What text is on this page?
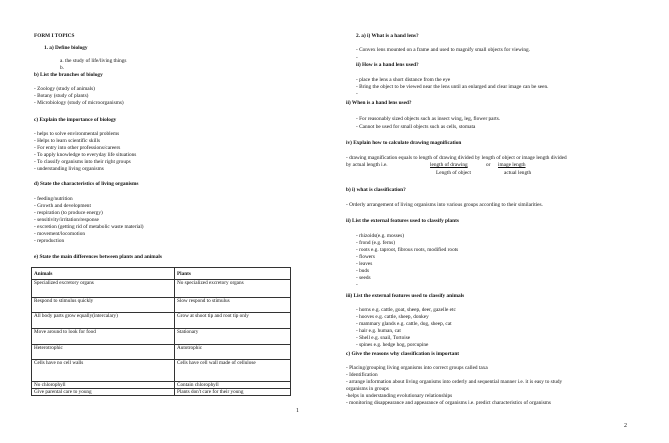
FORM I TOPICS
1. a) Define biology
a. the study of life/living things
b.
b) List the branches of biology
- Zoology (study of animals)
- Botany (study of plants)
- Microbiology (study of microorganisms)
c) Explain the importance of biology
- helps to solve environmental problems
- Helps to learn scientific skills
- For entry into other professions/careers
- To apply knowledge to everyday life situations
- To classify organisms into their right groups
- understanding living organisms
d) State the characteristics of living organisms
- feeding/nutrition
- Growth and development
- respiration (to produce energy)
- sensitivity/irritation/response
- excretion (getting rid of metabolic waste material)
- movement/locomotion
- reproduction
e) State the main differences between plants and animals
Animals	Plants
Specialized excretory organs	No specialized excretory organs
Respond to stimulus quickly	Slow respond to stimulus
All body parts grow equally(intercalary)	Grow at shoot tip and root tip only
Move around to look for food	Stationary
Heterotrophic	Autotrophic
Cells have no cell walls	Cells have cell wall made of cellulose
No chlorophyll	Contain chlorophyll
Give parental care to young	Plants don't care for their young
1
2. a) i) What is a hand lens?
- Convex lens mounted on a frame and used to magnify small objects for viewing.
-
ii) How is a hand lens used?
- place the lens a short distance from the eye
- Bring the object to be viewed near the lens until an enlarged and clear image can be seen.
-
ii) When is a hand lens used?
- For reasonably sized objects such as insect wing, leg, flower parts.
- Cannot be used for small objects such as cells, stomata
iv) Explain how to calculate drawing magnification
- drawing magnification equals to length of drawing divided by length of object or image length divided
by actual length i.e.	length of drawing	or image length
Length of object	actual length
b) i) what is classification?
- Orderly arrangement of living organisms into various groups according to their similarities.
ii) List the external features used to classify plants
- rhizoids(e.g. mosses)
- frond (e.g. ferns)
- roots e.g. taproot, fibrous roots, modified roots
- flowers
- leaves
- buds
- seeds
-
iii) List the external features used to classify animals
- horns e.g. cattle, goat, sheep, deer, gazelle etc
- hooves e.g. cattle, sheep, donkey
- mammary glands e.g. cattle, dog, sheep, cat
- hair e.g. human, cat
- Shell e.g. snail, Tortoise
- spines e.g. hedge hog, porcupine
c) Give the reasons why classification is important
- Placing/grouping living organisms into correct groups called taxa
- Identification
- arrange information about living organisms into orderly and sequential manner i.e. it is easy to study
organisms in groups
-helps in understanding evolutionary relationships
- monitoring disappearance and appearance of organisms i.e. predict characteristics of organisms
2
